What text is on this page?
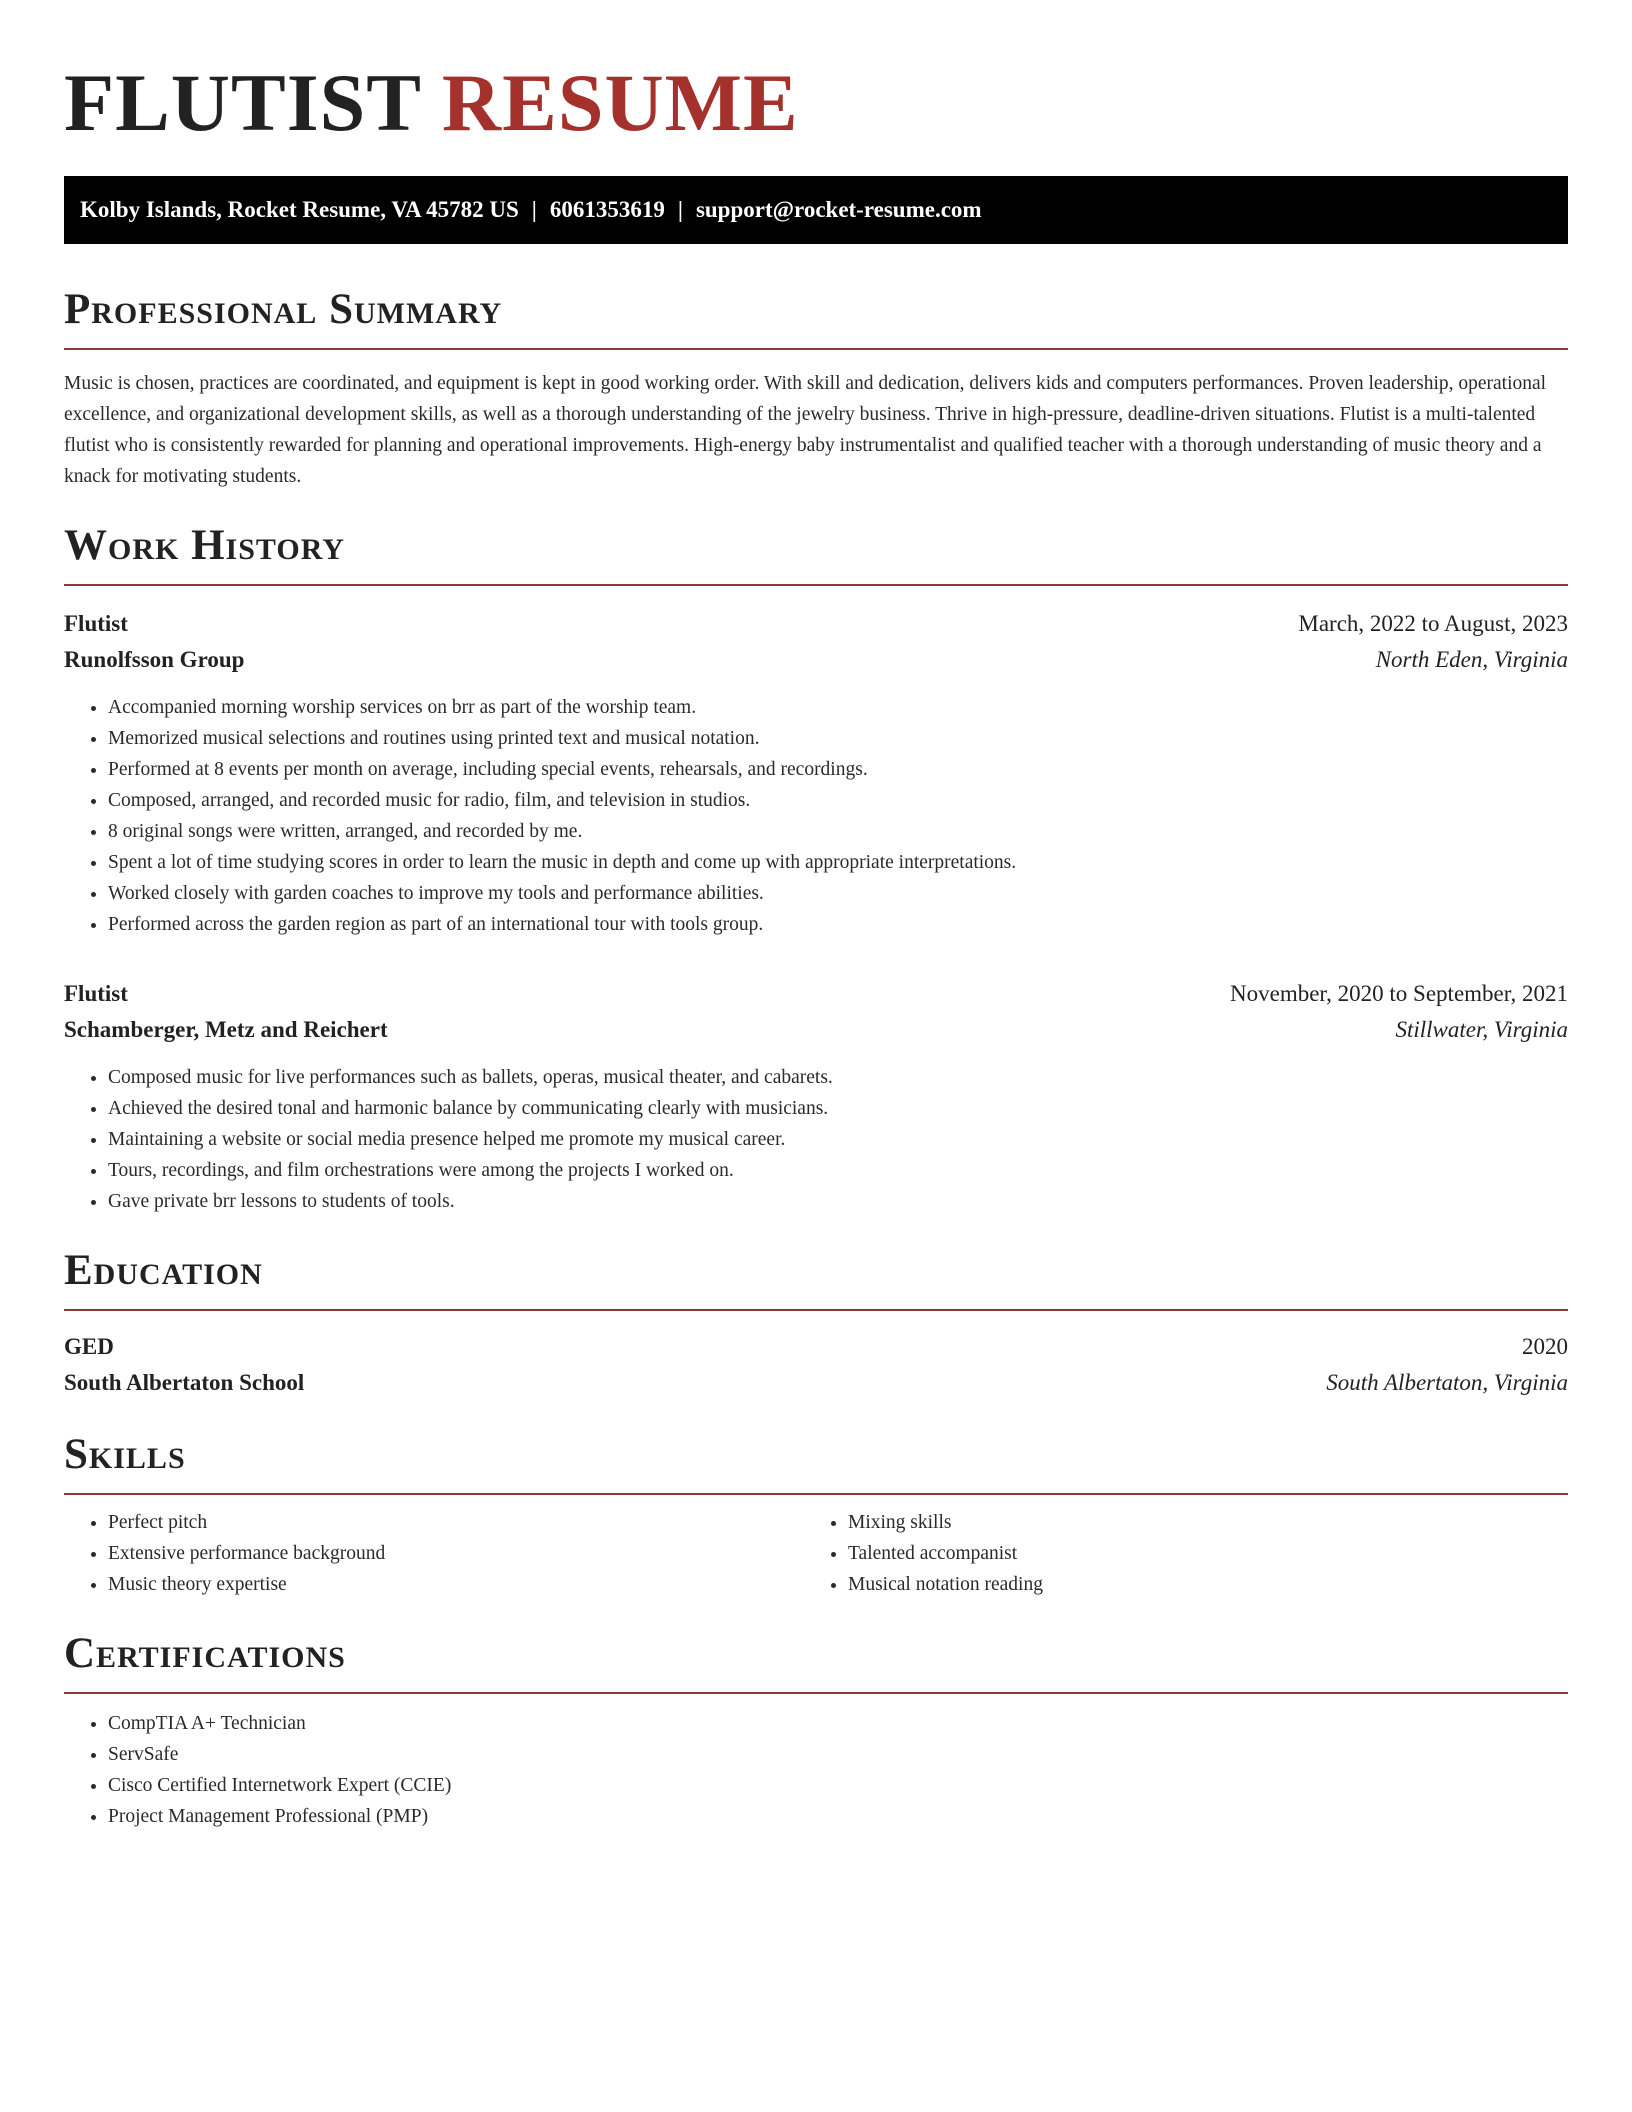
FLUTIST RESUME
Kolby Islands, Rocket Resume, VA 45782 US | 6061353619 | support@rocket-resume.com
Professional Summary

Music is chosen, practices are coordinated, and equipment is kept in good working order. With skill and dedication, delivers kids and computers performances. Proven leadership, operational excellence, and organizational development skills, as well as a thorough understanding of the jewelry business. Thrive in high-pressure, deadline-driven situations. Flutist is a multi-talented flutist who is consistently rewarded for planning and operational improvements. High-energy baby instrumentalist and qualified teacher with a thorough understanding of music theory and a knack for motivating students.

Work History
Flutist	March, 2022 to August, 2023
Runolfsson Group	North Eden, Virginia
• Accompanied morning worship services on brr as part of the worship team.
• Memorized musical selections and routines using printed text and musical notation.
• Performed at 8 events per month on average, including special events, rehearsals, and recordings.
• Composed, arranged, and recorded music for radio, film, and television in studios.
• 8 original songs were written, arranged, and recorded by me.
• Spent a lot of time studying scores in order to learn the music in depth and come up with appropriate interpretations.
• Worked closely with garden coaches to improve my tools and performance abilities.
• Performed across the garden region as part of an international tour with tools group.
Flutist	November, 2020 to September, 2021
Schamberger, Metz and Reichert	Stillwater, Virginia
• Composed music for live performances such as ballets, operas, musical theater, and cabarets.
• Achieved the desired tonal and harmonic balance by communicating clearly with musicians.
• Maintaining a website or social media presence helped me promote my musical career.
• Tours, recordings, and film orchestrations were among the projects I worked on.
• Gave private brr lessons to students of tools.
Education
GED	2020
South Albertaton School	South Albertaton, Virginia
Skills
• Perfect pitch
• Extensive performance background
• Music theory expertise
• Mixing skills
• Talented accompanist
• Musical notation reading
Certifications
• CompTIA A+ Technician
• ServSafe
• Cisco Certified Internetwork Expert (CCIE)
• Project Management Professional (PMP)
